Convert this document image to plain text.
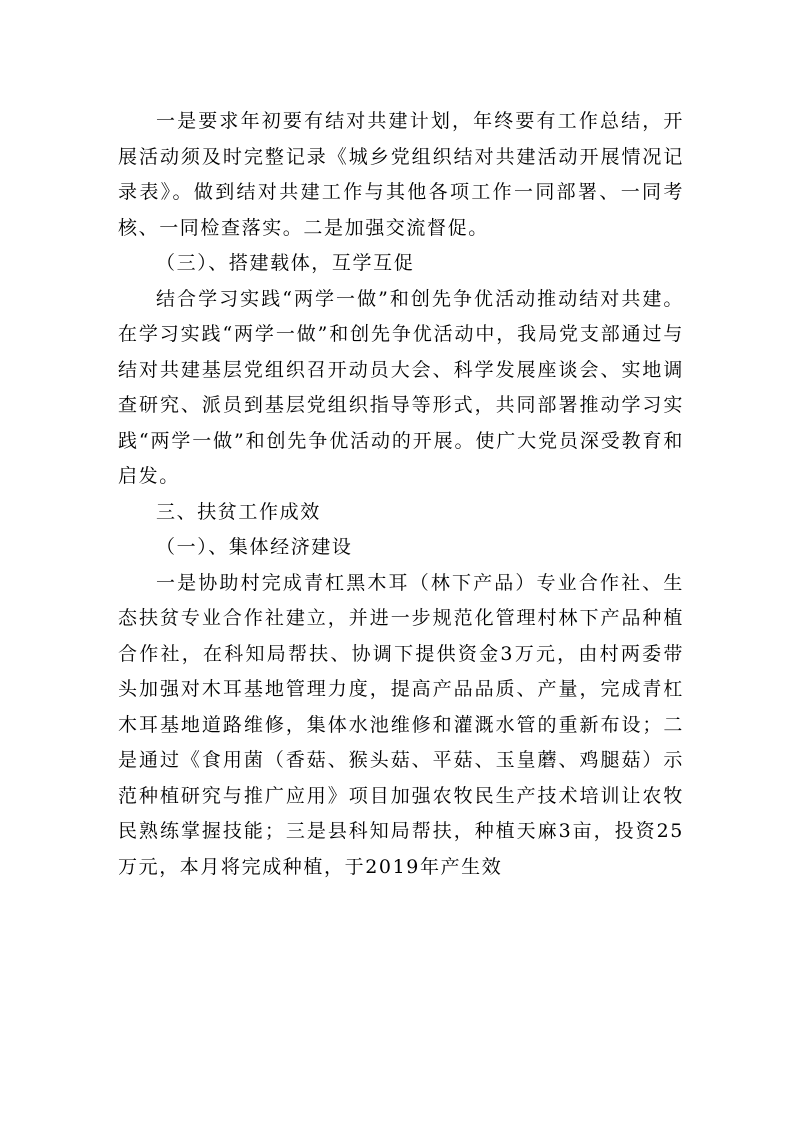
一是要求年初要有结对共建计划，年终要有工作总结，开展活动须及时完整记录《城乡党组织结对共建活动开展情况记录表》。做到结对共建工作与其他各项工作一同部署、一同考核、一同检查落实。二是加强交流督促。

（三）、搭建载体，互学互促

结合学习实践“两学一做”和创先争优活动推动结对共建。在学习实践“两学一做”和创先争优活动中，我局党支部通过与结对共建基层党组织召开动员大会、科学发展座谈会、实地调查研究、派员到基层党组织指导等形式，共同部署推动学习实践“两学一做”和创先争优活动的开展。使广大党员深受教育和启发。

三、扶贫工作成效

（一）、集体经济建设

一是协助村完成青杠黑木耳（林下产品）专业合作社、生态扶贫专业合作社建立，并进一步规范化管理村林下产品种植合作社，在科知局帮扶、协调下提供资金3万元，由村两委带头加强对木耳基地管理力度，提高产品品质、产量，完成青杠木耳基地道路维修，集体水池维修和灌溉水管的重新布设；二是通过《食用菌（香菇、猴头菇、平菇、玉皇蘑、鸡腿菇）示范种植研究与推广应用》项目加强农牧民生产技术培训让农牧民熟练掌握技能；三是县科知局帮扶，种植天麻3亩，投资25万元，本月将完成种植，于2019年产生效
